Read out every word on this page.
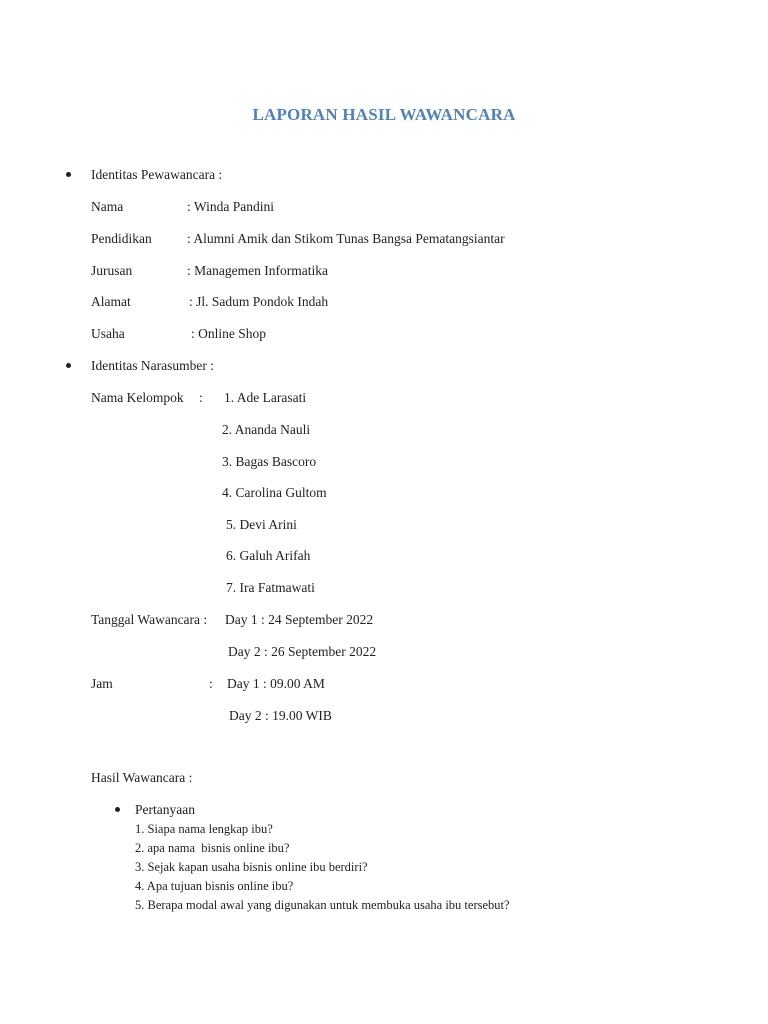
LAPORAN HASIL WAWANCARA
Identitas Pewawancara :
Nama	: Winda Pandini
Pendidikan	: Alumni Amik dan Stikom Tunas Bangsa Pematangsiantar
Jurusan	: Managemen Informatika
Alamat	: Jl. Sadum Pondok Indah
Usaha	: Online Shop
Identitas Narasumber :
Nama Kelompok : 1. Ade Larasati
2. Ananda Nauli
3. Bagas Bascoro
4. Carolina Gultom
5. Devi Arini
6. Galuh Arifah
7. Ira Fatmawati
Tanggal Wawancara : Day 1 : 24 September 2022
Day 2 : 26 September 2022
Jam	: Day 1 : 09.00 AM
Day 2 : 19.00 WIB
Hasil Wawancara :
Pertanyaan
1. Siapa nama lengkap ibu?
2. apa nama  bisnis online ibu?
3. Sejak kapan usaha bisnis online ibu berdiri?
4. Apa tujuan bisnis online ibu?
5. Berapa modal awal yang digunakan untuk membuka usaha ibu tersebut?
